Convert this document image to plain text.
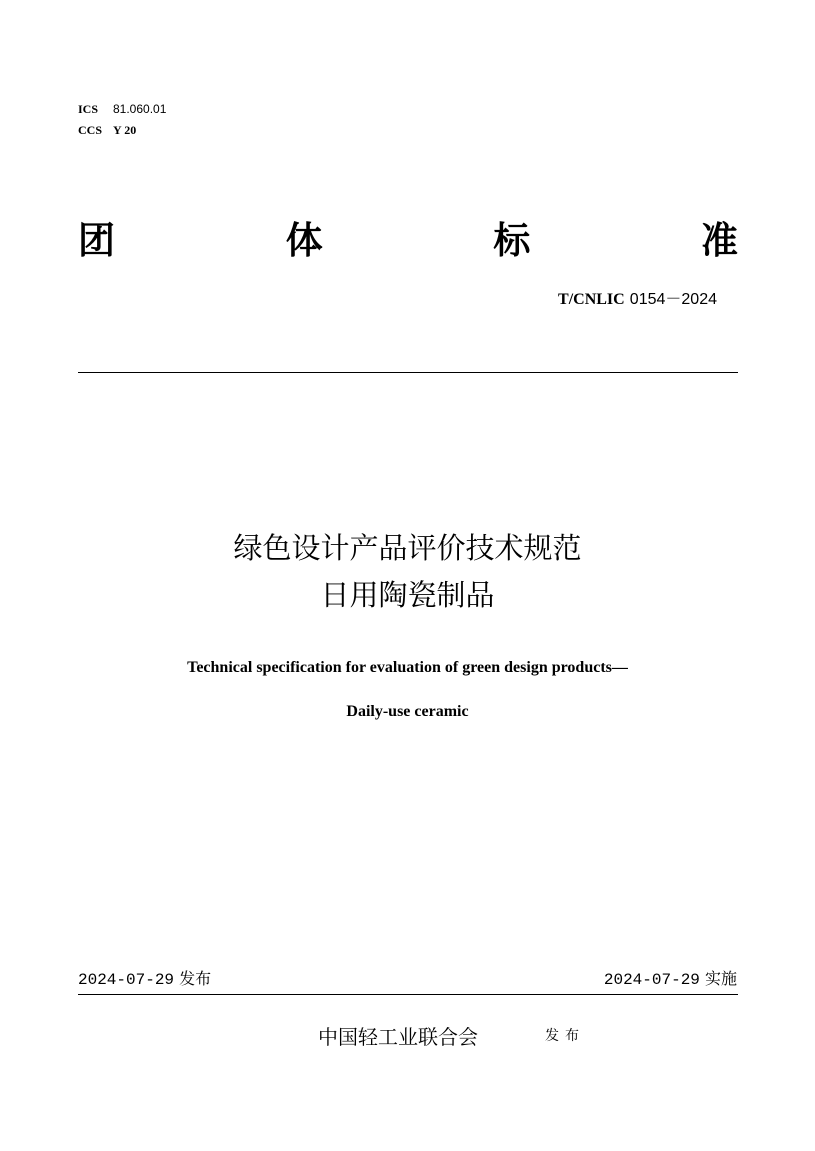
ICS 81.060.01
CCS Y 20
团	体	标	准
T/CNLIC 0154－2024
绿色设计产品评价技术规范
日用陶瓷制品
Technical specification for evaluation of green design products—
Daily-use ceramic
2024-07-29 发布	2024-07-29 实施
中国轻工业联合会	发布
